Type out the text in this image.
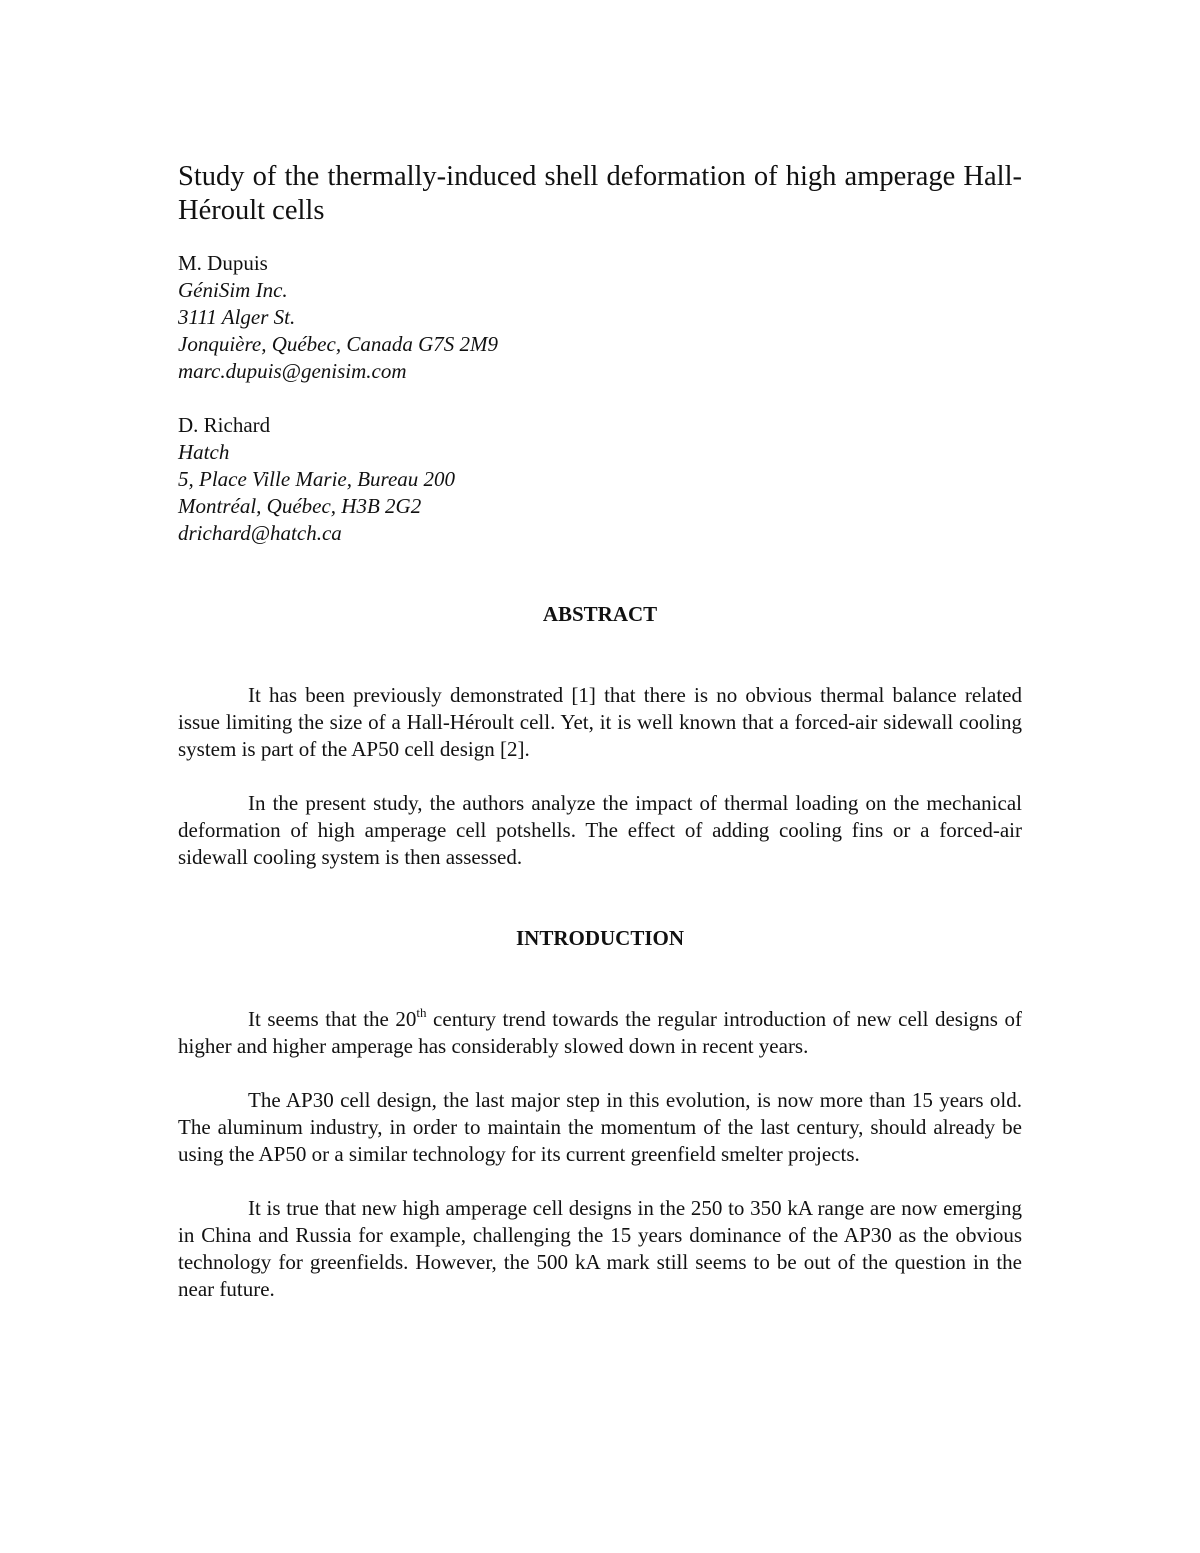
Study of the thermally-induced shell deformation of high amperage Hall-Héroult cells
M. Dupuis
GéniSim Inc.
3111 Alger St.
Jonquière, Québec, Canada G7S 2M9
marc.dupuis@genisim.com
D. Richard
Hatch
5, Place Ville Marie, Bureau 200
Montréal, Québec, H3B 2G2
drichard@hatch.ca
ABSTRACT

It has been previously demonstrated [1] that there is no obvious thermal balance related issue limiting the size of a Hall-Héroult cell. Yet, it is well known that a forced-air sidewall cooling system is part of the AP50 cell design [2].

In the present study, the authors analyze the impact of thermal loading on the mechanical deformation of high amperage cell potshells. The effect of adding cooling fins or a forced-air sidewall cooling system is then assessed.

INTRODUCTION

It seems that the 20th century trend towards the regular introduction of new cell designs of higher and higher amperage has considerably slowed down in recent years.

The AP30 cell design, the last major step in this evolution, is now more than 15 years old. The aluminum industry, in order to maintain the momentum of the last century, should already be using the AP50 or a similar technology for its current greenfield smelter projects.

It is true that new high amperage cell designs in the 250 to 350 kA range are now emerging in China and Russia for example, challenging the 15 years dominance of the AP30 as the obvious technology for greenfields. However, the 500 kA mark still seems to be out of the question in the near future.
